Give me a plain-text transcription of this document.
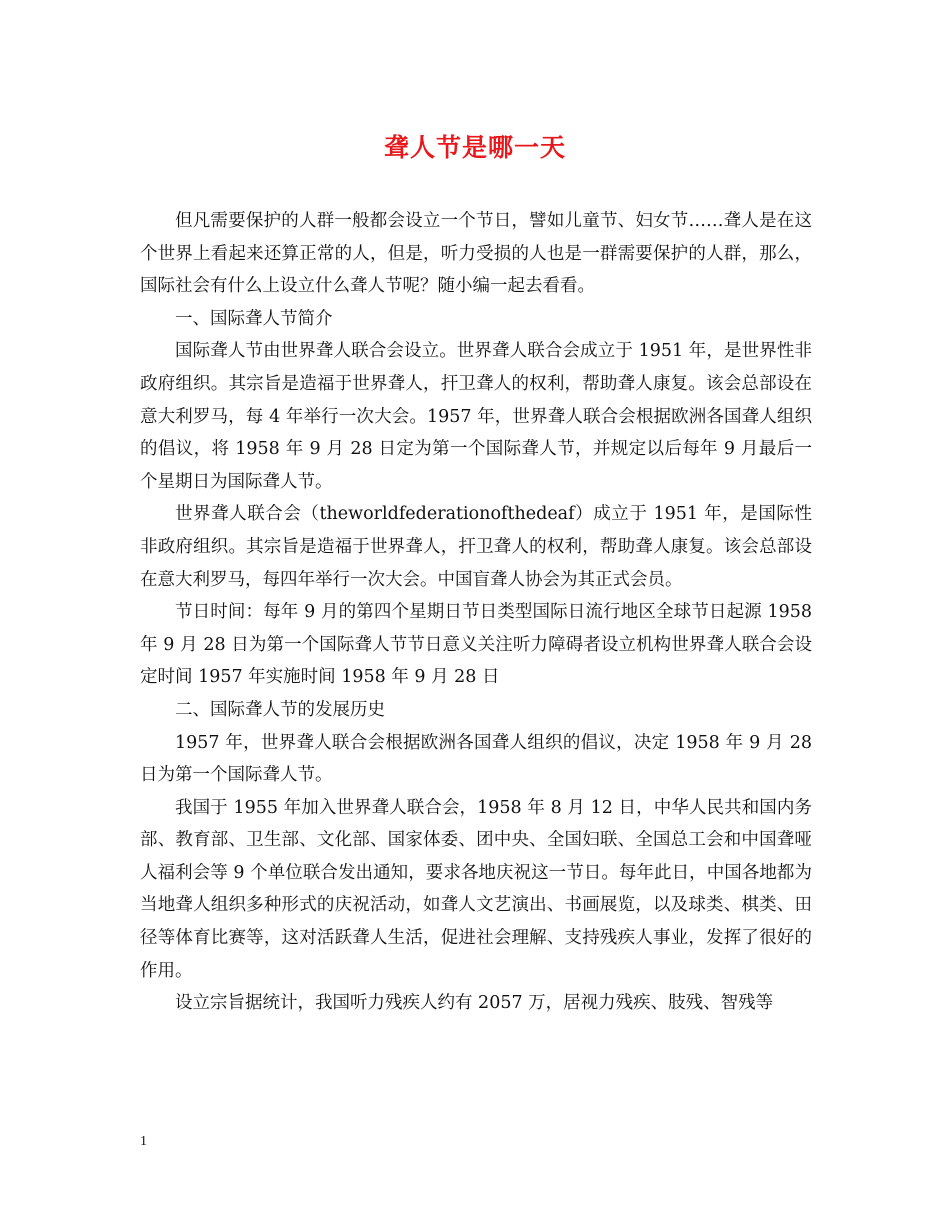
聋人节是哪一天

但凡需要保护的人群一般都会设立一个节日，譬如儿童节、妇女节……聋人是在这个世界上看起来还算正常的人，但是，听力受损的人也是一群需要保护的人群，那么，国际社会有什么上设立什么聋人节呢？随小编一起去看看。

一、国际聋人节简介

国际聋人节由世界聋人联合会设立。世界聋人联合会成立于 1951 年，是世界性非政府组织。其宗旨是造福于世界聋人，扞卫聋人的权利，帮助聋人康复。该会总部设在意大利罗马，每 4 年举行一次大会。1957 年，世界聋人联合会根据欧洲各国聋人组织的倡议，将 1958 年 9 月 28 日定为第一个国际聋人节，并规定以后每年 9 月最后一个星期日为国际聋人节。

世界聋人联合会（theworldfederationofthedeaf）成立于 1951 年，是国际性非政府组织。其宗旨是造福于世界聋人，扞卫聋人的权利，帮助聋人康复。该会总部设在意大利罗马，每四年举行一次大会。中国盲聋人协会为其正式会员。

节日时间：每年 9 月的第四个星期日节日类型国际日流行地区全球节日起源 1958 年 9 月 28 日为第一个国际聋人节节日意义关注听力障碍者设立机构世界聋人联合会设定时间 1957 年实施时间 1958 年 9 月 28 日

二、国际聋人节的发展历史

1957 年，世界聋人联合会根据欧洲各国聋人组织的倡议，决定 1958 年 9 月 28 日为第一个国际聋人节。

我国于 1955 年加入世界聋人联合会，1958 年 8 月 12 日，中华人民共和国内务部、教育部、卫生部、文化部、国家体委、团中央、全国妇联、全国总工会和中国聋哑人福利会等 9 个单位联合发出通知，要求各地庆祝这一节日。每年此日，中国各地都为当地聋人组织多种形式的庆祝活动，如聋人文艺演出、书画展览，以及球类、棋类、田径等体育比赛等，这对活跃聋人生活，促进社会理解、支持残疾人事业，发挥了很好的作用。

设立宗旨据统计，我国听力残疾人约有 2057 万，居视力残疾、肢残、智残等

1
